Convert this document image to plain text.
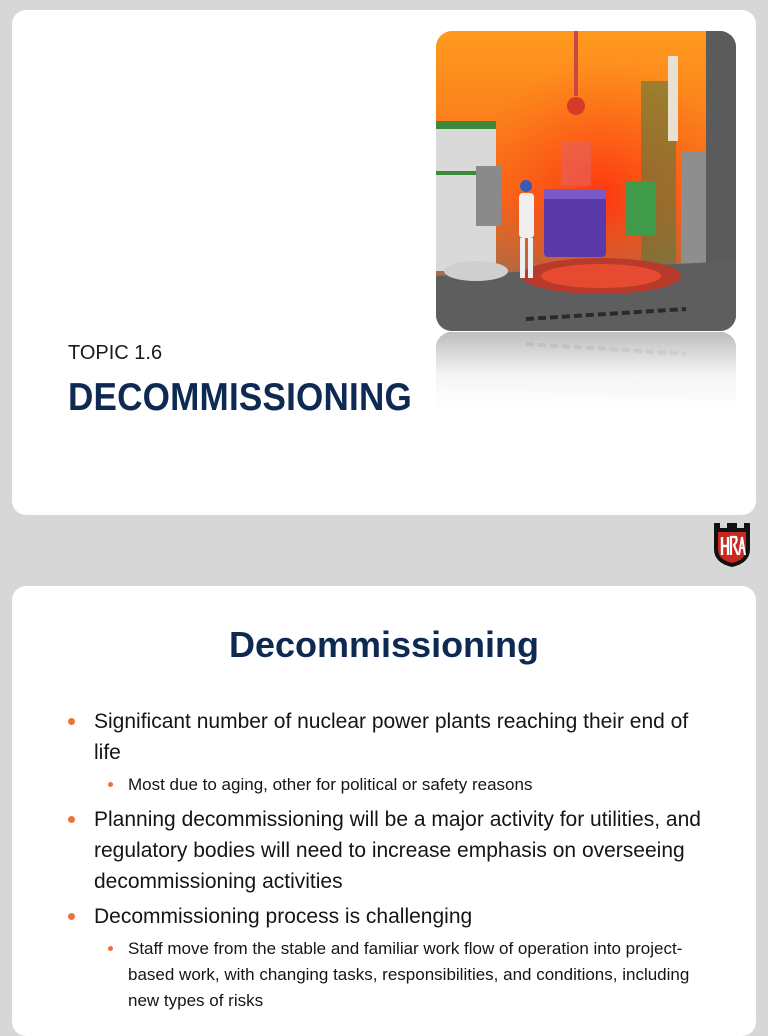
TOPIC 1.6
DECOMMISSIONING
Decommissioning
Significant number of nuclear power plants reaching their end of life
Most due to aging, other for political or safety reasons
Planning decommissioning will be a major activity for utilities, and regulatory bodies will need to increase emphasis on overseeing decommissioning activities
Decommissioning process is challenging
Staff move from the stable and familiar work flow of operation into project-based work, with changing tasks, responsibilities, and conditions, including new types of risks
